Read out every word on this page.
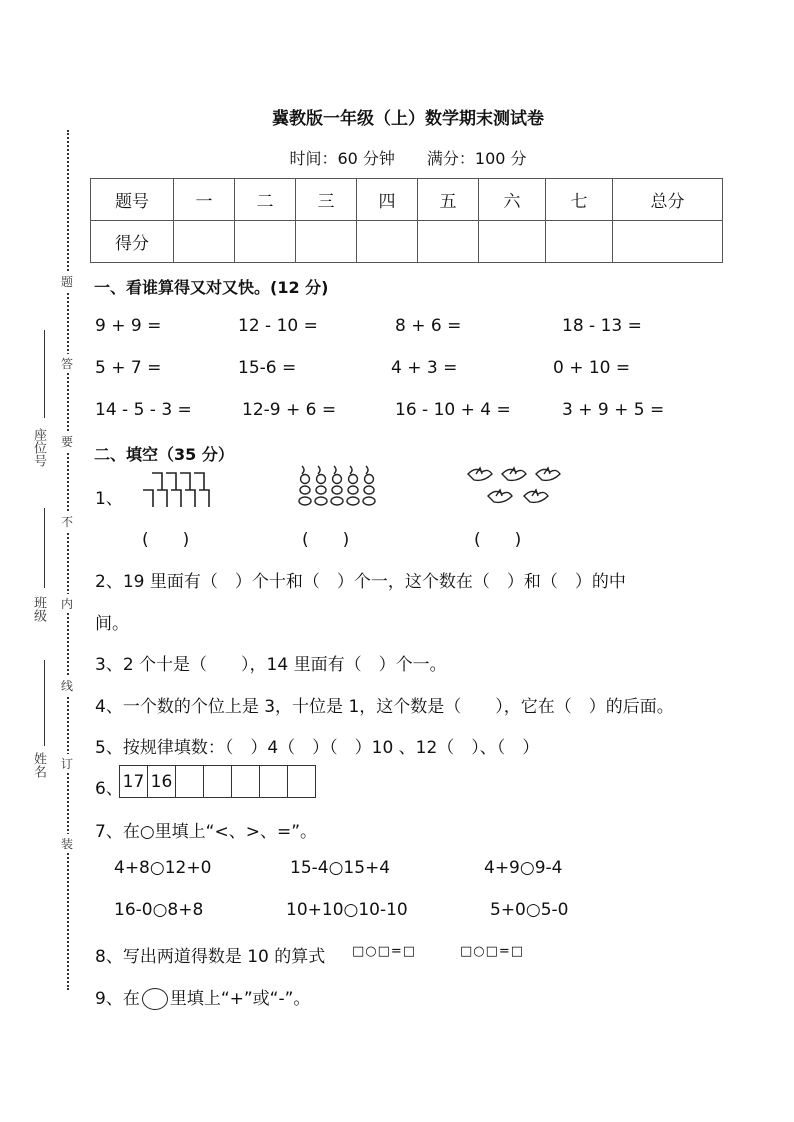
题
答
要
不
内
线
订
装
座位号
班级
姓名
冀教版一年级（上）数学期末测试卷
时间：60 分钟　　满分：100 分
题号	一	二	三	四	五	六	七	总分
得分								
一、看谁算得又对又快。(12 分)
9 + 9 =	12 - 10 =	8 + 6 =	18 - 13 =
5 + 7 =	15-6 =	4 + 3 =	0 + 10 =
14 - 5 - 3 =	12-9 + 6 =	16 - 10 + 4 =	3 + 9 + 5 =
二、填空（35 分）
1、
(　　)	(　　)	(　　)
2、19 里面有（　）个十和（　）个一，这个数在（　）和（　）的中
间。
3、2 个十是（　　），14 里面有（　）个一。
4、一个数的个位上是 3，十位是 1，这个数是（　　），它在（　）的后面。
5、按规律填数：（　）4（　）（　）10 、12（　）、（　）
6、 17	16					
7、在○里填上“<、>、=”。
4+8○12+0	15-4○15+4	4+9○9-4
16-0○8+8	10+10○10-10	5+0○5-0
8、写出两道得数是 10 的算式 □○□=□	□○□=□
9、在 里填上“+”或“-”。
